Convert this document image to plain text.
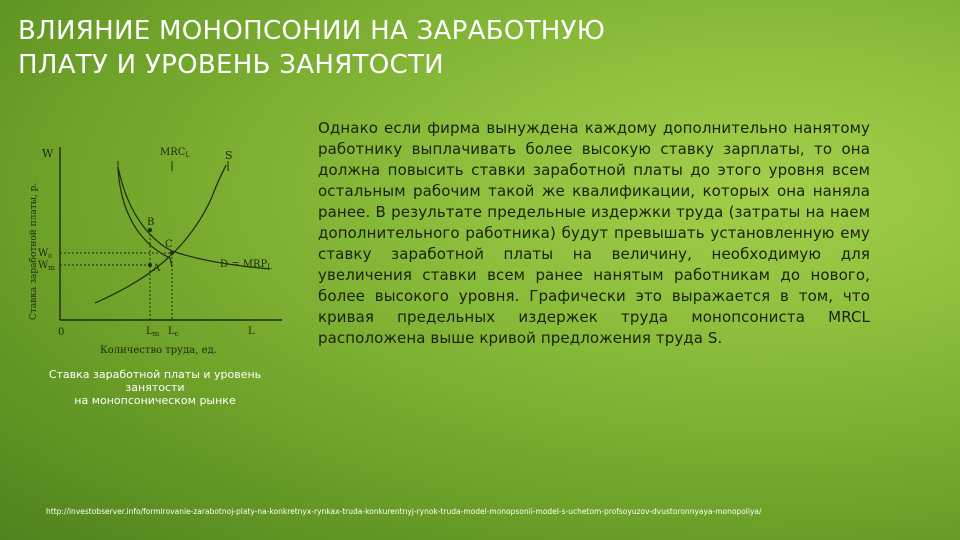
ВЛИЯНИЕ МОНОПСОНИИ НА ЗАРАБОТНУЮ
ПЛАТУ И УРОВЕНЬ ЗАНЯТОСТИ
Ставка заработной платы, р.
W	$MRC_L$	S
B
C
A
$W_c$
$W_m$	$D = MRP_L$
0	$L_m$ $L_c$	L
Количество труда, ед.
Ставка заработной платы и уровень
занятости
на монопсоническом рынке
Однако если фирма вынуждена каждому дополнительно нанятому работнику выплачивать более высокую ставку зарплаты, то она должна повысить ставки заработной платы до этого уровня всем остальным рабочим такой же квалификации, которых она наняла ранее. В результате предельные издержки труда (затраты на наем дополнительного работника) будут превышать установленную ему ставку заработной платы на величину, необходимую для увеличения ставки всем ранее нанятым работникам до нового, более высокого уровня. Графически это выражается в том, что кривая предельных издержек труда монопсониста MRCL расположена выше кривой предложения труда S.
http://investobserver.info/formirovanie-zarabotnoj-platy-na-konkretnyx-rynkax-truda-konkurentnyj-rynok-truda-model-monopsonii-model-s-uchetom-profsoyuzov-dvustoronnyaya-monopoliya/
